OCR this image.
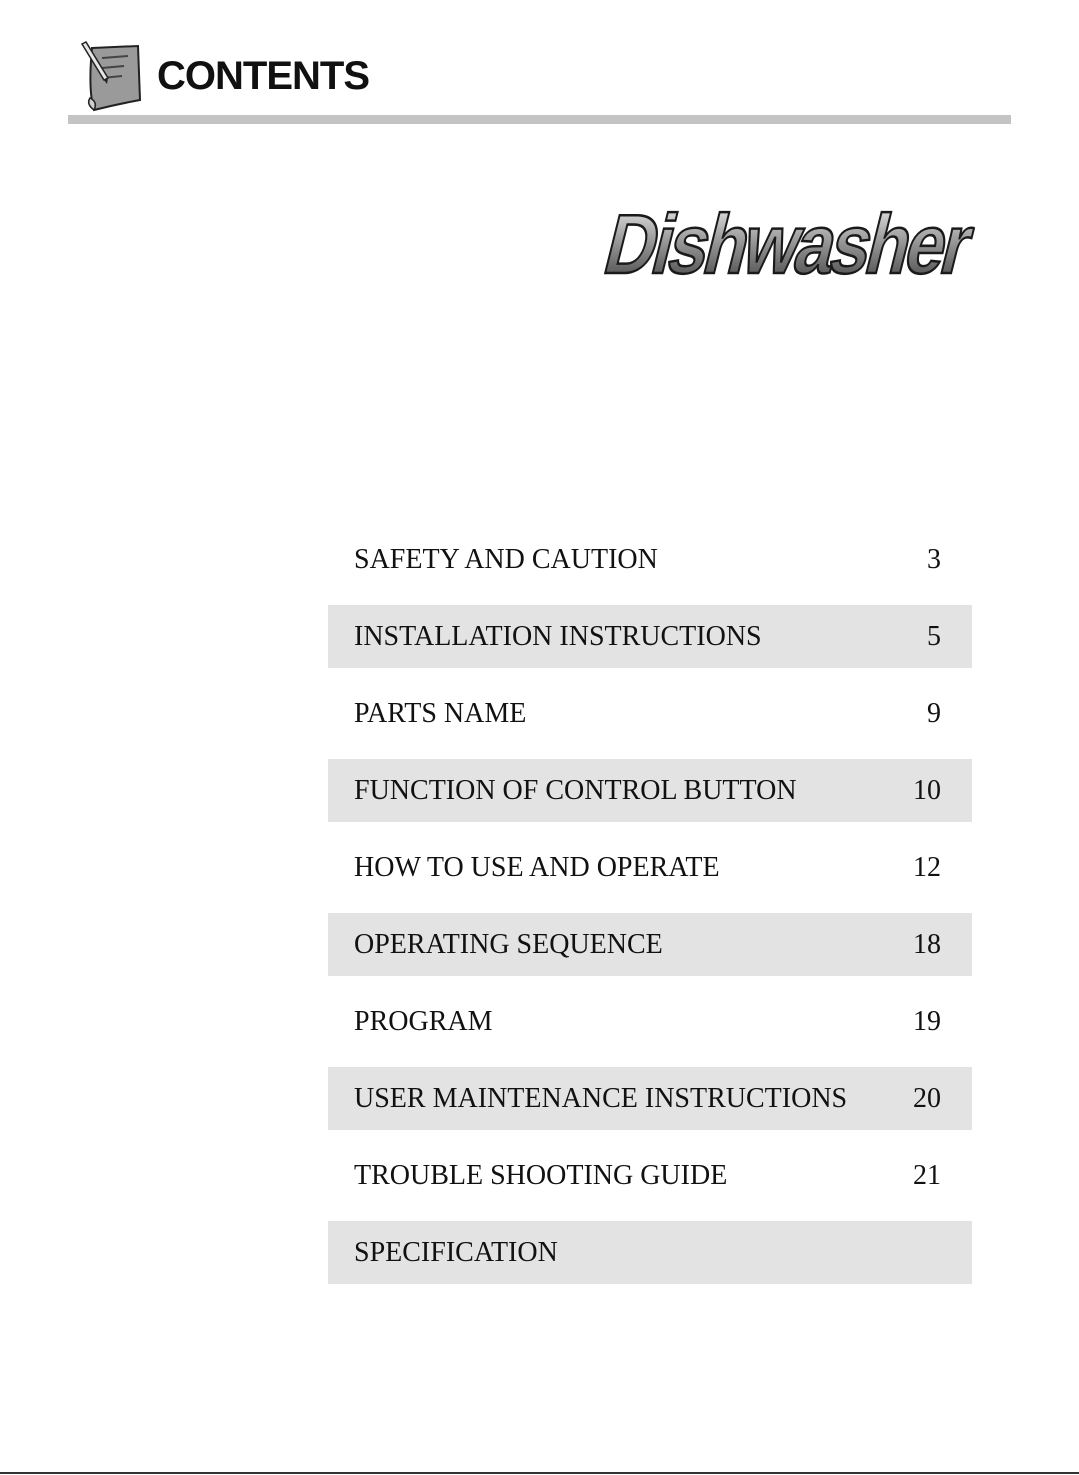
CONTENTS
Dishwasher
SAFETY AND CAUTION	3
INSTALLATION INSTRUCTIONS	5
PARTS NAME	9
FUNCTION OF CONTROL BUTTON	10
HOW TO USE AND OPERATE	12
OPERATING SEQUENCE	18
PROGRAM	19
USER MAINTENANCE INSTRUCTIONS 20
TROUBLE SHOOTING GUIDE	21
SPECIFICATION
